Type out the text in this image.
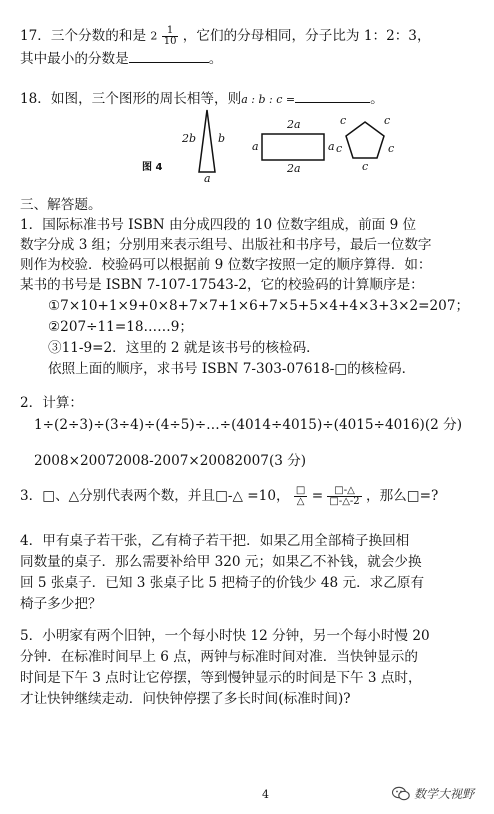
17．三个分数的和是 $2 \frac{1}{10}$ ，它们的分母相同，分子比为 1：2：3，
其中最小的分数是	。
18．如图，三个图形的周长相等，则a : b : c =	。
图 4
2b b
a
2a
2a
a	a
c	c
c	c
c
三、解答题。
1．国际标准书号 ISBN 由分成四段的 10 位数字组成，前面 9 位
数字分成 3 组；分别用来表示组号、出版社和书序号，最后一位数字
则作为校验．校验码可以根据前 9 位数字按照一定的顺序算得．如：
某书的书号是 ISBN 7-107-17543-2，它的校验码的计算顺序是：
①7×10+1×9+0×8+7×7+1×6+7×5+5×4+4×3+3×2=207；
②207÷11=18……9；
③11-9=2．这里的 2 就是该书号的核检码．
依照上面的顺序，求书号 ISBN 7-303-07618-□的核检码．
2．计算：
1÷(2÷3)÷(3÷4)÷(4÷5)÷…÷(4014÷4015)÷(4015÷4016)(2 分)
2008×20072008-2007×20082007(3 分)
3．□、△分别代表两个数，并且□-△ =10， $\frac{□}{\triangle} = \frac{□-\triangle}{□-\triangle-2}$ ，那么□=?
4．甲有桌子若干张，乙有椅子若干把．如果乙用全部椅子换回相
同数量的桌子．那么需要补给甲 320 元；如果乙不补钱，就会少换
回 5 张桌子．已知 3 张桌子比 5 把椅子的价钱少 48 元．求乙原有
椅子多少把？
5．小明家有两个旧钟，一个每小时快 12 分钟，另一个每小时慢 20
分钟．在标准时间早上 6 点，两钟与标准时间对准．当快钟显示的
时间是下午 3 点时让它停摆，等到慢钟显示的时间是下午 3 点时，
才让快钟继续走动．问快钟停摆了多长时间(标准时间)?
4	数学大视野
